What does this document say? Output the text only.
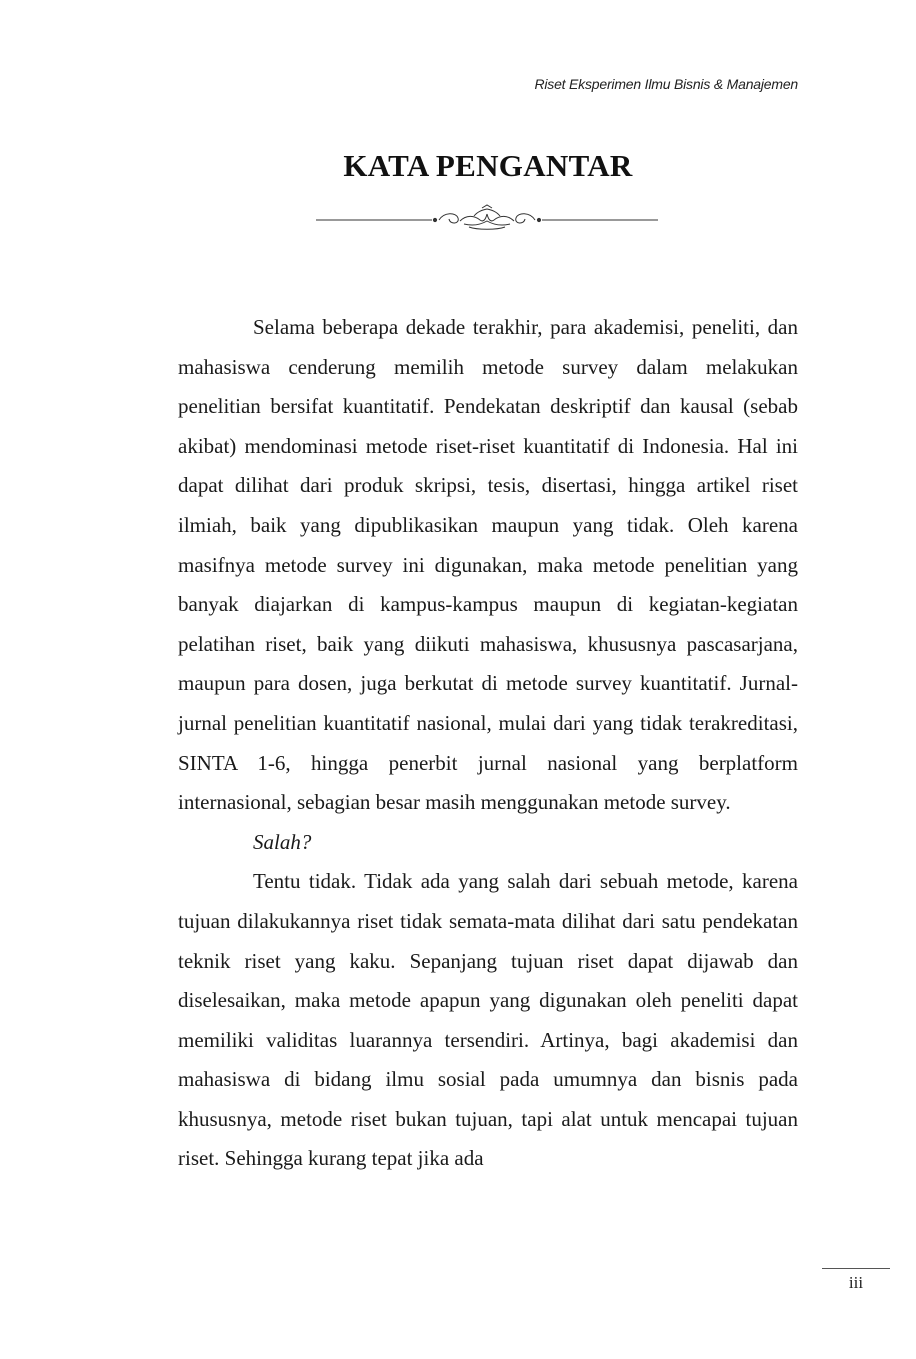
Riset Eksperimen Ilmu Bisnis & Manajemen
KATA PENGANTAR

Selama beberapa dekade terakhir, para akademisi, peneliti, dan mahasiswa cenderung memilih metode survey dalam melakukan penelitian bersifat kuantitatif. Pendekatan deskriptif dan kausal (sebab akibat) mendominasi metode riset-riset kuantitatif di Indonesia. Hal ini dapat dilihat dari produk skripsi, tesis, disertasi, hingga artikel riset ilmiah, baik yang dipublikasikan maupun yang tidak. Oleh karena masifnya metode survey ini digunakan, maka metode penelitian yang banyak diajarkan di kampus-kampus maupun di kegiatan-kegiatan pelatihan riset, baik yang diikuti mahasiswa, khususnya pascasarjana, maupun para dosen, juga berkutat di metode survey kuantitatif. Jurnal-jurnal penelitian kuantitatif nasional, mulai dari yang tidak terakreditasi, SINTA 1-6, hingga penerbit jurnal nasional yang berplatform internasional, sebagian besar masih menggunakan metode survey.

Salah?

Tentu tidak. Tidak ada yang salah dari sebuah metode, karena tujuan dilakukannya riset tidak semata-mata dilihat dari satu pendekatan teknik riset yang kaku. Sepanjang tujuan riset dapat dijawab dan diselesaikan, maka metode apapun yang digunakan oleh peneliti dapat memiliki validitas luarannya tersendiri. Artinya, bagi akademisi dan mahasiswa di bidang ilmu sosial pada umumnya dan bisnis pada khususnya, metode riset bukan tujuan, tapi alat untuk mencapai tujuan riset. Sehingga kurang tepat jika ada

iii
